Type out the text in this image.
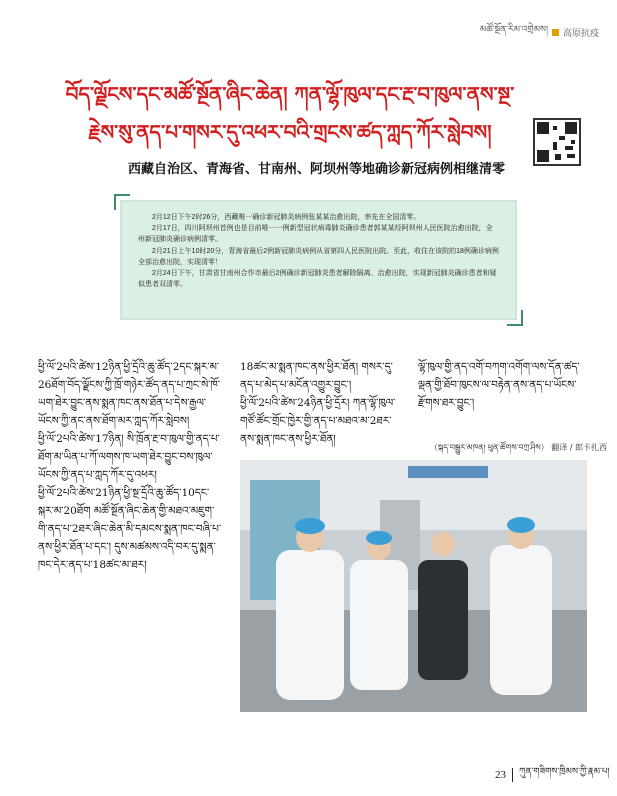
མཚོ་སྔོན་རིམ་འགྲེམས། 高原抗疫
བོད་ལྗོངས་དང་མཚོ་སྔོན་ཞིང་ཆེན། ཀན་ལྷོ་ཁུལ་དང་རྔ་བ་ཁུལ་ནས་སྔ་
རྗེས་སུ་ནད་པ་གསར་དུ་འཕར་བའི་གྲངས་ཚད་ཀླད་ཀོར་སླེབས།
西藏自治区、青海省、甘南州、阿坝州等地确诊新冠病例相继清零

2月12日下午2时26分，西藏唯一确诊新冠肺炎病例张某某治愈出院，率先在全国清零。

2月17日，四川阿坝州首例也是目前唯一一例新型冠状病毒肺炎确诊患者郭某某经阿坝州人民医院治愈出院，全州新冠肺炎确诊病例清零。

2月21日上午10时20分，青海省最后2例新冠肺炎病例从省第四人民医院出院。至此，收住在该院的18例确诊病例全部治愈出院，实现清零！

2月24日下午，甘肃省甘南州合作市最后2例确诊新冠肺炎患者解除隔离、治愈出院，实现新冠肺炎确诊患者和疑似患者双清零。

ཕྱི་ལོ་2པའི་ཚེས་12ཉིན་ཕྱི་དྲོའི་ཆུ་ཚོད་2དང་སྐར་མ་26ཐོག་བོད་ལྗོངས་ཀྱི་ཁྲོ་གཉེར་ཚོད་ནད་པ་ཀྲང་སེ་ཁོ་ཡག་ཐེར་བྱུང་ནས་སྨན་ཁང་ནས་ཐོན་པ་དེས་རྒྱལ་ཡོངས་ཀྱི་ནང་ནས་ཐོག་མར་ཀླད་ཀོར་སླེབས།

ཕྱི་ལོ་2པའི་ཚེས་17ཉིན། སི་ཁྲོན་རྔ་བ་ཁུལ་གྱི་ནད་པ་ཐོག་མ་ཡིན་པ་ཀོ་ལགས་ཁ་ཡག་ཐེར་བྱུང་བས་ཁུལ་ཡོངས་ཀྱི་ནད་པ་ཀླད་ཀོར་དུ་འཕར།

ཕྱི་ལོ་2པའི་ཚེས་21ཉིན་ཕྱི་སྔ་དྲོའི་ཆུ་ཚོད་10དང་སྐར་མ་20ཐོག མཚོ་སྔོན་ཞིང་ཆེན་གྱི་མཐའ་མཇུག་གི་ནད་པ་2ཐར་ཞིང་ཆེན་མི་དམངས་སྨན་ཁང་བཞི་པ་ནས་ཕྱིར་ཐོན་པ་དང་། དུས་མཚམས་འདི་བར་དུ་སྨན་ཁང་དེར་ནད་པ་18ཚང་མ་ཐར།

18ཚང་མ་སྨན་ཁང་ནས་ཕྱིར་ཐོན། གསར་དུ་ནད་པ་མེད་པ་མངོན་འགྱུར་བྱུང་།

ཕྱི་ལོ་2པའི་ཚེས་24ཉིན་ཕྱི་དྲོར། ཀན་ལྷོ་ཁུལ་གཙོ་ཚོང་གྲོང་ཁྱེར་གྱི་ནད་པ་མཐའ་མ་2ཐར་ནས་སྨན་ཁང་ནས་ཕྱིར་ཐོན།

ལྷོ་ཁུལ་གྱི་ནད་འགོ་བཀག་འགོག་ལས་དོན་ཚད་ལྡན་གྱི་ཐོབ་ཁུངས་ལ་བརྟེན་ནས་ནད་པ་ཡོངས་རྫོགས་ཐར་བྱུང་།

（སྐད་བསྒྱུར་མཁན། ཕུན་ཚོགས་བཀྲ་ཤིས） 翻译 / 郎卡扎西
23 ཀུན་གཟིགས་ཁྲིམས་ཀྱི་རྣམ་པ།
